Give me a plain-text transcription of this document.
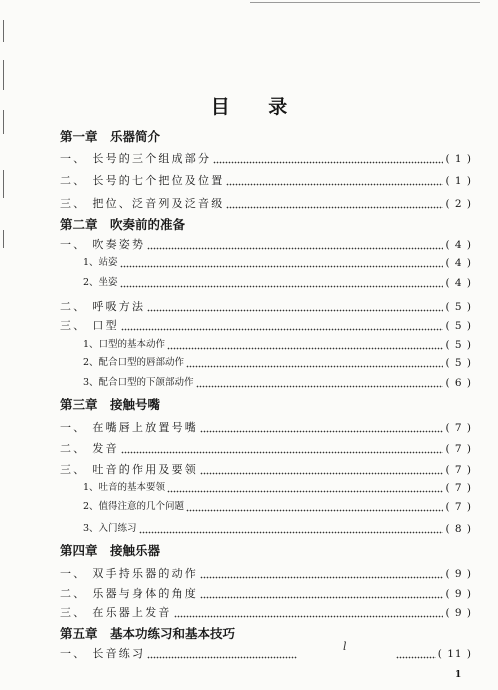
目 录
第一章　乐器简介
一、 长号的三个组成部分	( 1 )
二、 长号的七个把位及位置	( 1 )
三、 把位、泛音列及泛音级	( 2 )
第二章　吹奏前的准备
一、 吹奏姿势	( 4 )
1、站姿	( 4 )
2、坐姿	( 4 )
二、 呼吸方法	( 5 )
三、 口型	( 5 )
1、口型的基本动作	( 5 )
2、配合口型的唇部动作	( 5 )
3、配合口型的下颌部动作	( 6 )
第三章　接触号嘴
一、 在嘴唇上放置号嘴	( 7 )
二、 发音	( 7 )
三、 吐音的作用及要领	( 7 )
1、吐音的基本要领	( 7 )
2、值得注意的几个问题	( 7 )
3、入门练习	( 8 )
第四章　接触乐器
一、 双手持乐器的动作	( 9 )
二、 乐器与身体的角度	( 9 )
三、 在乐器上发音	( 9 )
第五章　基本功练习和基本技巧
一、 长音练习	( 11 )
l
1
